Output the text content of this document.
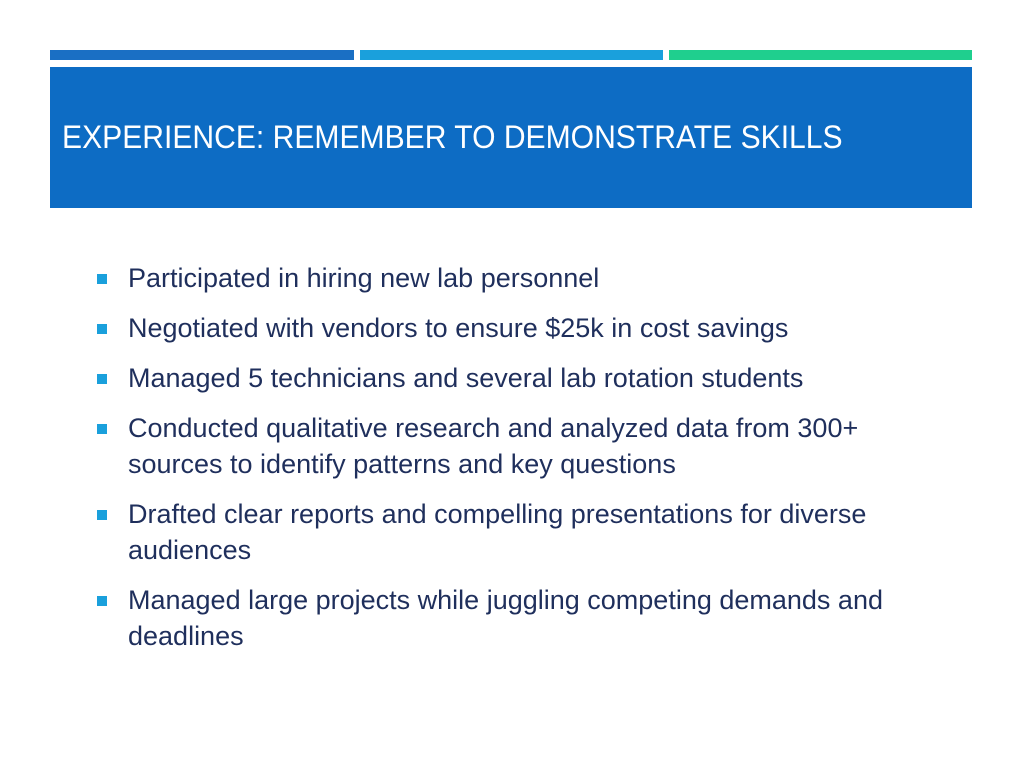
EXPERIENCE: REMEMBER TO DEMONSTRATE SKILLS
Participated in hiring new lab personnel
Negotiated with vendors to ensure $25k in cost savings
Managed 5 technicians and several lab rotation students
Conducted qualitative research and analyzed data from 300+ sources to identify patterns and key questions
Drafted clear reports and compelling presentations for diverse audiences
Managed large projects while juggling competing demands and deadlines
